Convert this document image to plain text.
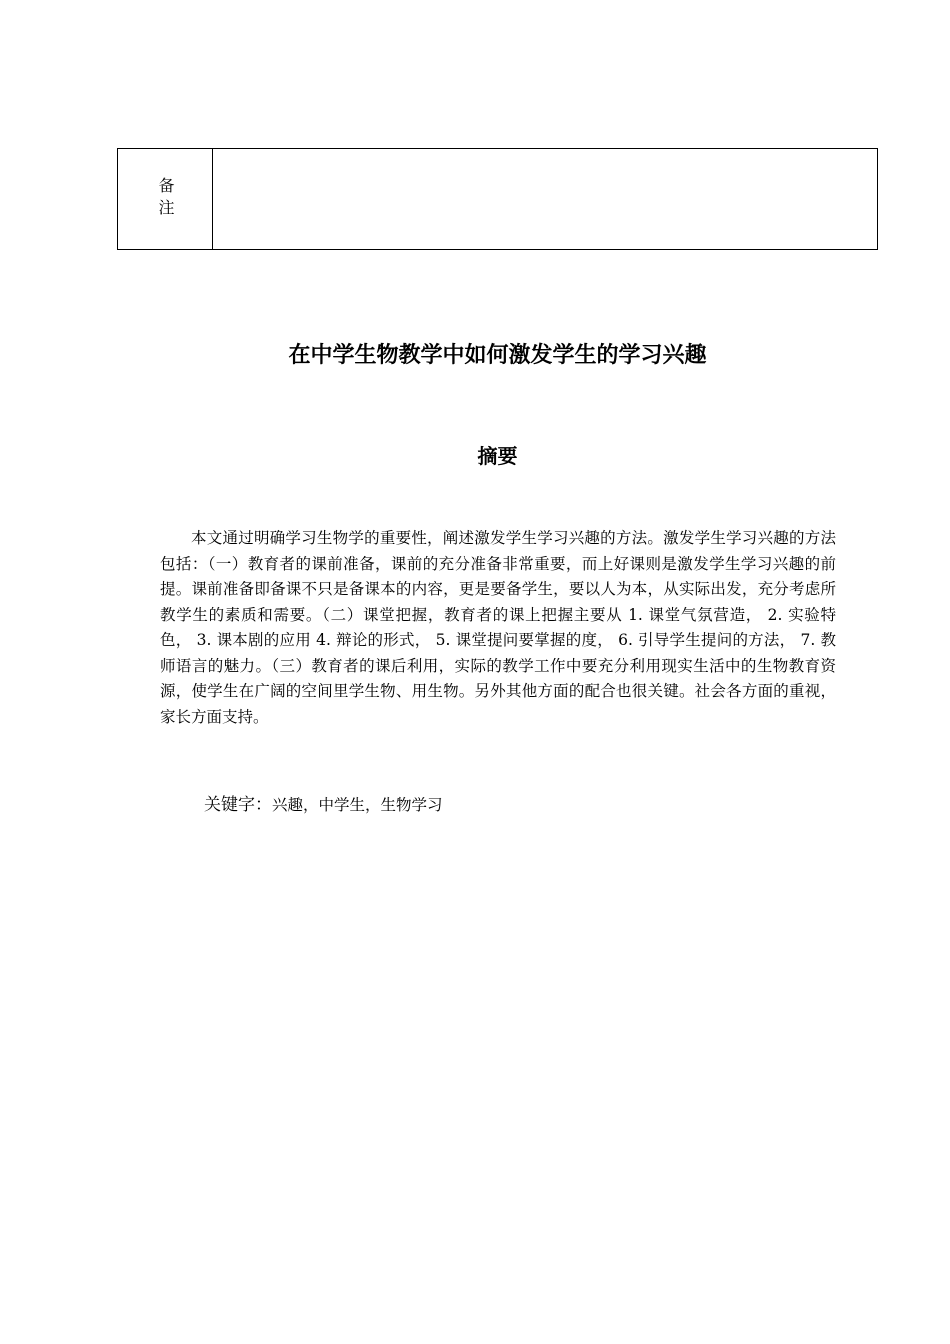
备注
在中学生物教学中如何激发学生的学习兴趣
摘要

本文通过明确学习生物学的重要性，阐述激发学生学习兴趣的方法。激发学生学习兴趣的方法包括：（一）教育者的课前准备，课前的充分准备非常重要，而上好课则是激发学生学习兴趣的前提。课前准备即备课不只是备课本的内容，更是要备学生，要以人为本，从实际出发，充分考虑所教学生的素质和需要。（二）课堂把握，教育者的课上把握主要从 1. 课堂气氛营造， 2. 实验特色， 3. 课本剧的应用 4. 辩论的形式， 5. 课堂提问要掌握的度， 6. 引导学生提问的方法， 7. 教师语言的魅力。（三）教育者的课后利用，实际的教学工作中要充分利用现实生活中的生物教育资源，使学生在广阔的空间里学生物、用生物。另外其他方面的配合也很关键。社会各方面的重视，家长方面支持。

关键字：兴趣，中学生，生物学习
